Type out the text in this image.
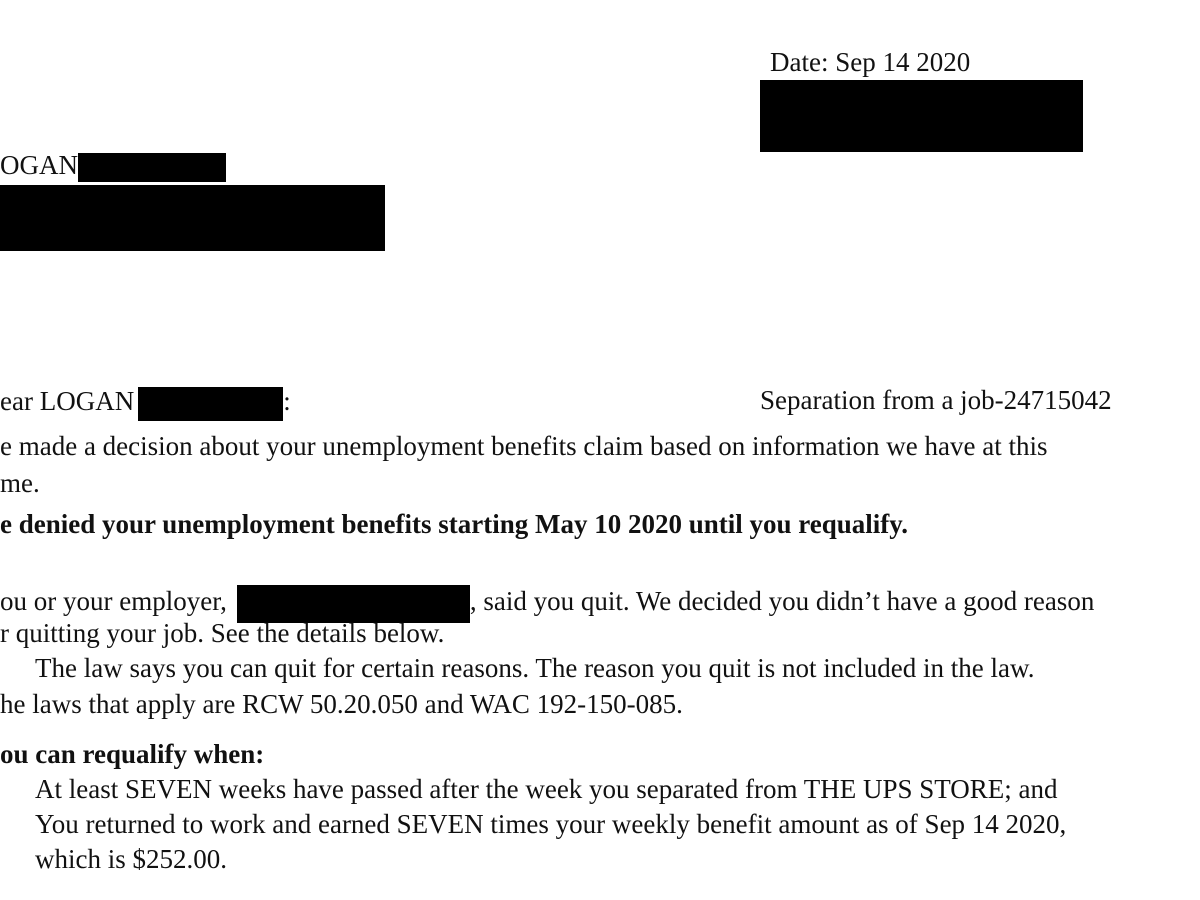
Date: Sep 14 2020
OGAN
ear LOGAN	:	Separation from a job-24715042
e made a decision about your unemployment benefits claim based on information we have at this
me.
e denied your unemployment benefits starting May 10 2020 until you requalify.
ou or your employer,	, said you quit. We decided you didn’t have a good reason
r quitting your job. See the details below.
The law says you can quit for certain reasons. The reason you quit is not included in the law.
he laws that apply are RCW 50.20.050 and WAC 192-150-085.
ou can requalify when:
At least SEVEN weeks have passed after the week you separated from THE UPS STORE; and
You returned to work and earned SEVEN times your weekly benefit amount as of Sep 14 2020,
which is $252.00.
